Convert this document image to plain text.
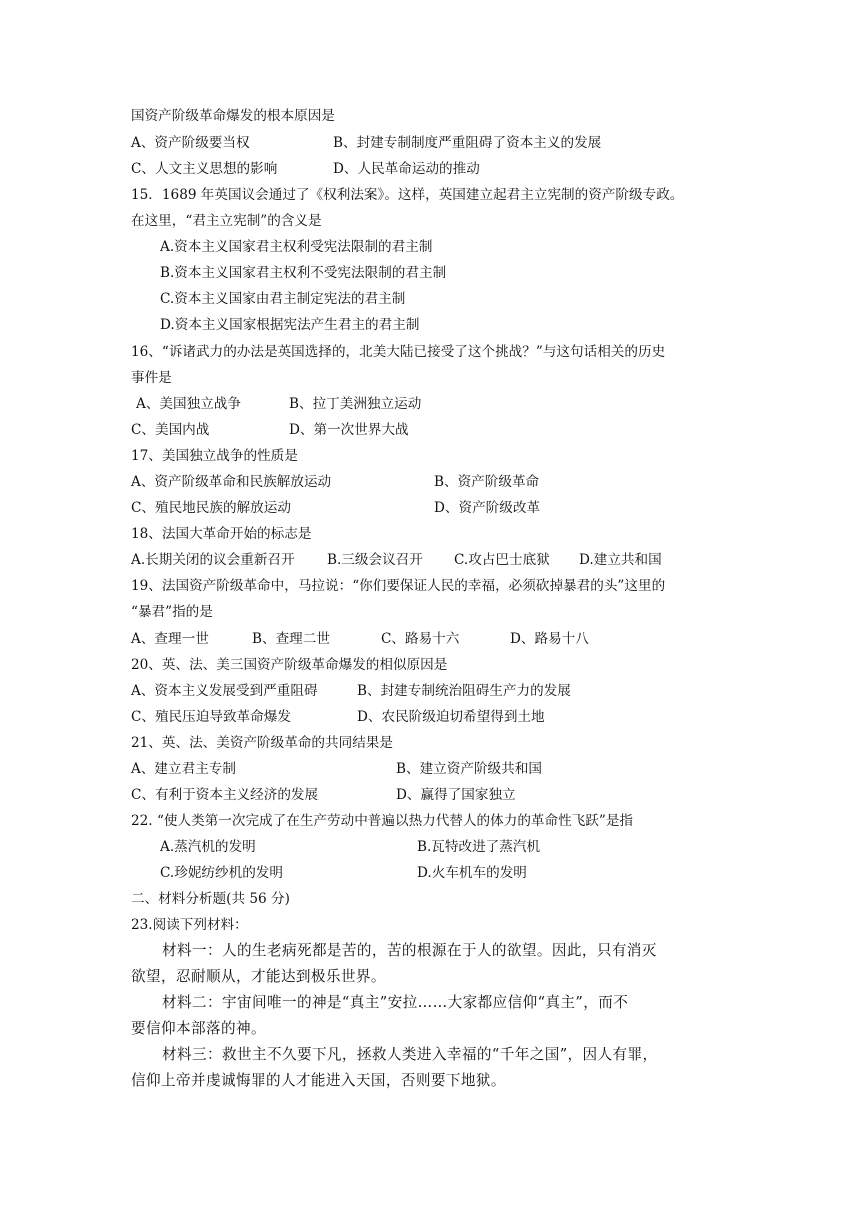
国资产阶级革命爆发的根本原因是
A、资产阶级要当权	B、封建专制制度严重阻碍了资本主义的发展
C、人文主义思想的影响	D、人民革命运动的推动
15．1689 年英国议会通过了《权利法案》。这样，英国建立起君主立宪制的资产阶级专政。
在这里，“君主立宪制”的含义是
A.资本主义国家君主权利受宪法限制的君主制
B.资本主义国家君主权利不受宪法限制的君主制
C.资本主义国家由君主制定宪法的君主制
D.资本主义国家根据宪法产生君主的君主制
16、“诉诸武力的办法是英国选择的，北美大陆已接受了这个挑战？”与这句话相关的历史
事件是
A、美国独立战争	B、拉丁美洲独立运动
C、美国内战	D、第一次世界大战
17、美国独立战争的性质是
A、资产阶级革命和民族解放运动	B、资产阶级革命
C、殖民地民族的解放运动	D、资产阶级改革
18、法国大革命开始的标志是
A.长期关闭的议会重新召开 B.三级会议召开 C.攻占巴士底狱 D.建立共和国
19、法国资产阶级革命中，马拉说：“你们要保证人民的幸福，必须砍掉暴君的头”这里的
“暴君”指的是
A、查理一世	B、查理二世	C、路易十六	D、路易十八
20、英、法、美三国资产阶级革命爆发的相似原因是
A、资本主义发展受到严重阻碍	B、封建专制统治阻碍生产力的发展
C、殖民压迫导致革命爆发	D、农民阶级迫切希望得到土地
21、英、法、美资产阶级革命的共同结果是
A、建立君主专制	B、建立资产阶级共和国
C、有利于资本主义经济的发展	D、赢得了国家独立
22. “使人类第一次完成了在生产劳动中普遍以热力代替人的体力的革命性飞跃”是指
A.蒸汽机的发明	B.瓦特改进了蒸汽机
C.珍妮纺纱机的发明	D.火车机车的发明
二、材料分析题(共 56 分)
23.阅读下列材料：
材料一：人的生老病死都是苦的，苦的根源在于人的欲望。因此，只有消灭
欲望，忍耐顺从，才能达到极乐世界。
材料二：宇宙间唯一的神是“真主”安拉……大家都应信仰“真主”，而不
要信仰本部落的神。
材料三：救世主不久要下凡，拯救人类进入幸福的“千年之国”，因人有罪，
信仰上帝并虔诚悔罪的人才能进入天国，否则要下地狱。
